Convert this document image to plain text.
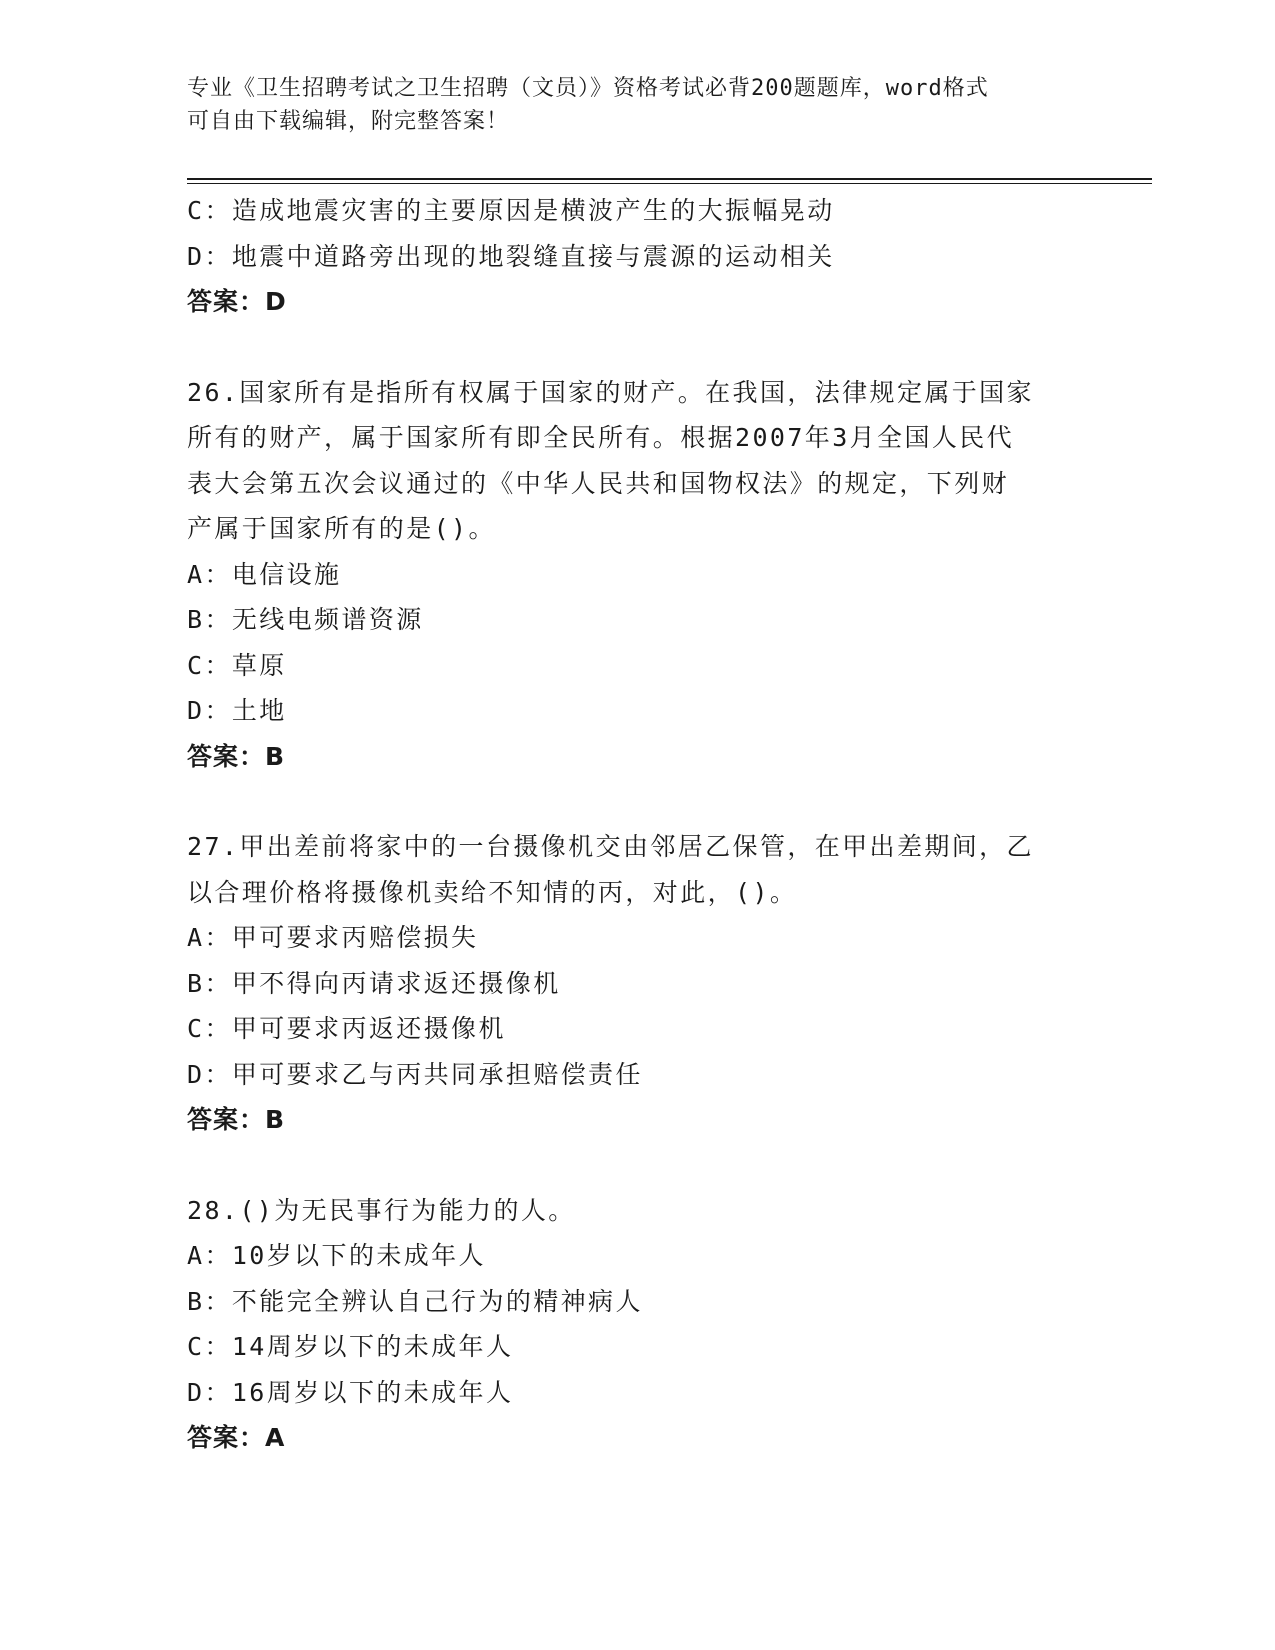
专业《卫生招聘考试之卫生招聘（文员）》资格考试必背200题题库，word格式
可自由下载编辑，附完整答案！
C：造成地震灾害的主要原因是横波产生的大振幅晃动
D：地震中道路旁出现的地裂缝直接与震源的运动相关
答案：D
26.国家所有是指所有权属于国家的财产。在我国，法律规定属于国家
所有的财产，属于国家所有即全民所有。根据2007年3月全国人民代
表大会第五次会议通过的《中华人民共和国物权法》的规定，下列财
产属于国家所有的是()。
A：电信设施
B：无线电频谱资源
C：草原
D：土地
答案：B
27.甲出差前将家中的一台摄像机交由邻居乙保管，在甲出差期间，乙
以合理价格将摄像机卖给不知情的丙，对此，()。
A：甲可要求丙赔偿损失
B：甲不得向丙请求返还摄像机
C：甲可要求丙返还摄像机
D：甲可要求乙与丙共同承担赔偿责任
答案：B
28.()为无民事行为能力的人。
A：10岁以下的未成年人
B：不能完全辨认自己行为的精神病人
C：14周岁以下的未成年人
D：16周岁以下的未成年人
答案：A
